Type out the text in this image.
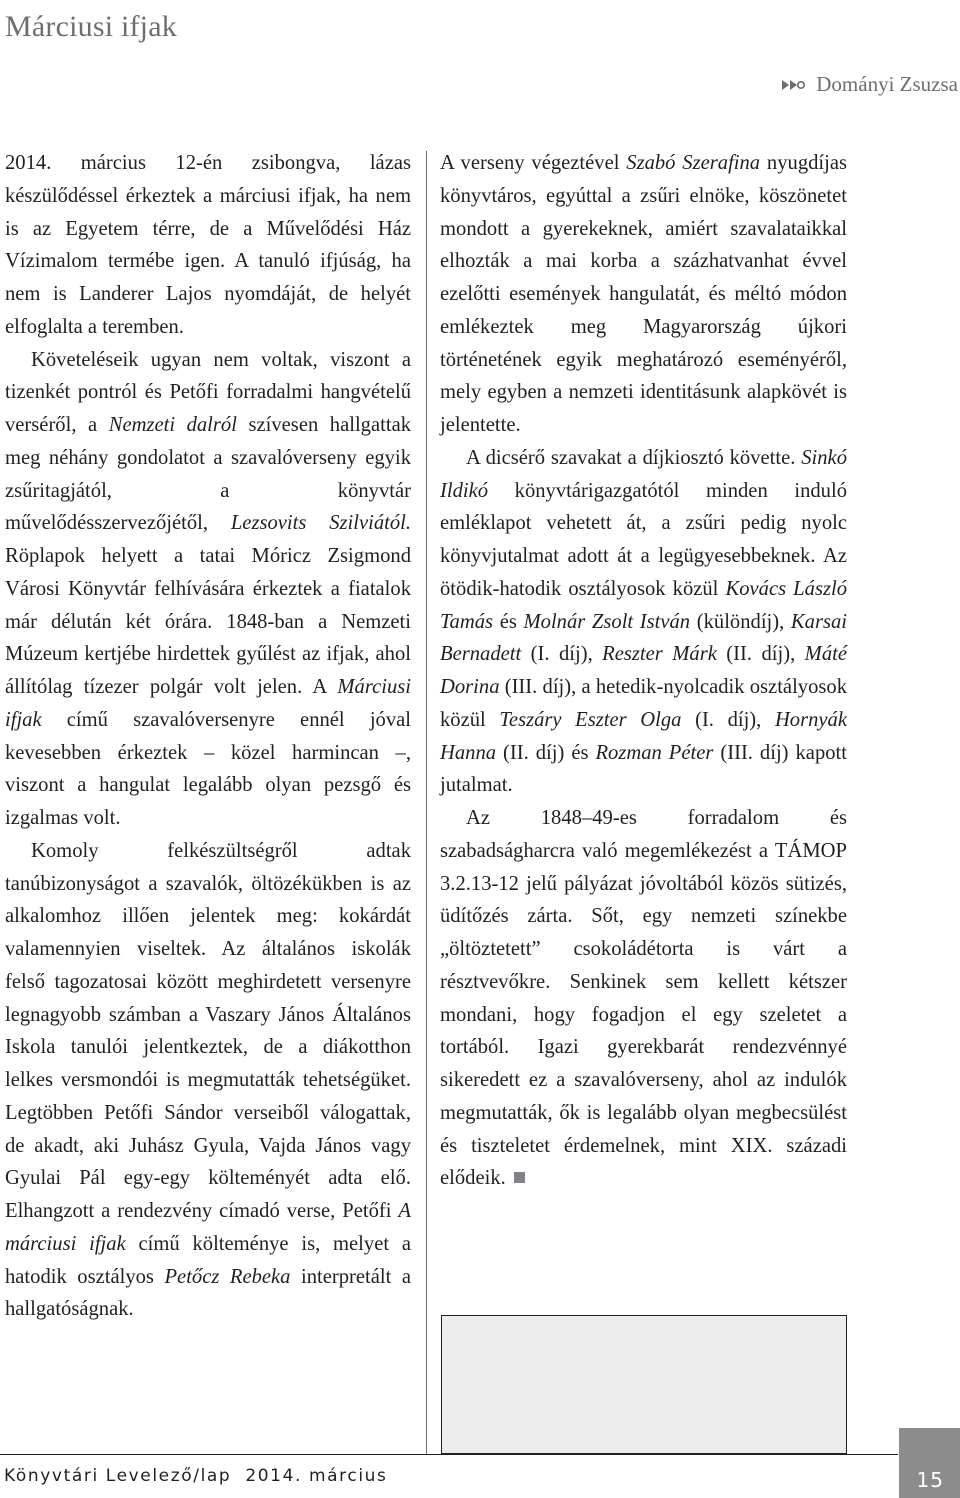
Márciusi ifjak
Dományi Zsuzsa

2014. március 12-én zsibongva, lázas készülődéssel érkeztek a márciusi ifjak, ha nem is az Egyetem térre, de a Művelődési Ház Vízimalom termébe igen. A tanuló ifjúság, ha nem is Landerer Lajos nyomdáját, de helyét elfoglalta a teremben.

Követeléseik ugyan nem voltak, viszont a tizenkét pontról és Petőfi forradalmi hangvételű verséről, a Nemzeti dalról szívesen hallgattak meg néhány gondolatot a szavalóverseny egyik zsűritagjától, a könyvtár művelődésszervezőjétől, Lezsovits Szilviától. Röplapok helyett a tatai Móricz Zsigmond Városi Könyvtár felhívására érkeztek a fiatalok már délután két órára. 1848-ban a Nemzeti Múzeum kertjébe hirdettek gyűlést az ifjak, ahol állítólag tízezer polgár volt jelen. A Márciusi ifjak című szavalóversenyre ennél jóval kevesebben érkeztek – közel harmincan –, viszont a hangulat legalább olyan pezsgő és izgalmas volt.

Komoly felkészültségről adtak tanúbizonyságot a szavalók, öltözékükben is az alkalomhoz illően jelentek meg: kokárdát valamennyien viseltek. Az általános iskolák felső tagozatosai között meghirdetett versenyre legnagyobb számban a Vaszary János Általános Iskola tanulói jelentkeztek, de a diákotthon lelkes versmondói is megmutatták tehetségüket. Legtöbben Petőfi Sándor verseiből válogattak, de akadt, aki Juhász Gyula, Vajda János vagy Gyulai Pál egy-egy költeményét adta elő. Elhangzott a rendezvény címadó verse, Petőfi A márciusi ifjak című költeménye is, melyet a hatodik osztályos Petőcz Rebeka interpretált a hallgatóságnak.

A verseny végeztével Szabó Szerafina nyugdíjas könyvtáros, egyúttal a zsűri elnöke, köszönetet mondott a gyerekeknek, amiért szavalataikkal elhozták a mai korba a százhatvanhat évvel ezelőtti események hangulatát, és méltó módon emlékeztek meg Magyarország újkori történetének egyik meghatározó eseményéről, mely egyben a nemzeti identitásunk alapkövét is jelentette.

A dicsérő szavakat a díjkiosztó követte. Sinkó Ildikó könyvtárigazgatótól minden induló emléklapot vehetett át, a zsűri pedig nyolc könyvjutalmat adott át a legügyesebbeknek. Az ötödik-hatodik osztályosok közül Kovács László Tamás és Molnár Zsolt István (különdíj), Karsai Bernadett (I. díj), Reszter Márk (II. díj), Máté Dorina (III. díj), a hetedik-nyolcadik osztályosok közül Teszáry Eszter Olga (I. díj), Hornyák Hanna (II. díj) és Rozman Péter (III. díj) kapott jutalmat.

Az 1848–49-es forradalom és szabadságharcra való megemlékezést a TÁMOP 3.2.13-12 jelű pályázat jóvoltából közös sütizés, üdítőzés zárta. Sőt, egy nemzeti színekbe „öltöztetett” csokoládétorta is várt a résztvevőkre. Senkinek sem kellett kétszer mondani, hogy fogadjon el egy szeletet a tortából. Igazi gyerekbarát rendezvénnyé sikeredett ez a szavalóverseny, ahol az indulók megmutatták, ők is legalább olyan megbecsülést és tiszteletet érdemelnek, mint XIX. századi elődeik.

Könyvtári Levelező/lap  2014. március	15
